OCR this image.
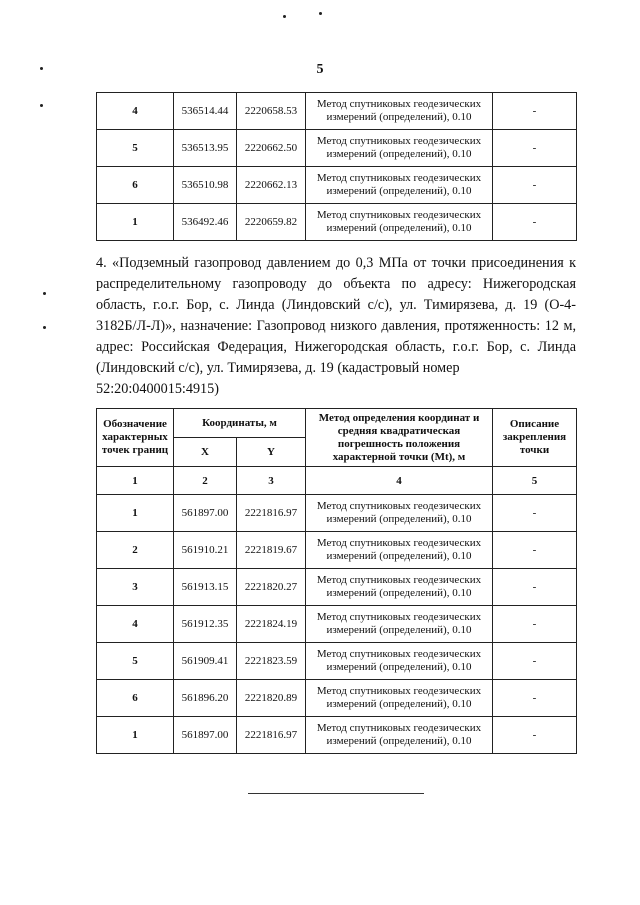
5
4	536514.44	2220658.53	Метод спутниковых геодезических измерений (определений), 0.10	-
5	536513.95	2220662.50	Метод спутниковых геодезических измерений (определений), 0.10	-
6	536510.98	2220662.13	Метод спутниковых геодезических измерений (определений), 0.10	-
1	536492.46	2220659.82	Метод спутниковых геодезических измерений (определений), 0.10	-
4. «Подземный газопровод давлением до 0,3 МПа от точки присоединения к распределительному газопроводу до объекта по адресу: Нижегородская область, г.о.г. Бор, с. Линда (Линдовский с/с), ул. Тимирязева, д. 19 (О-4-3182Б/Л-Л)», назначение: Газопровод низкого давления, протяженность: 12 м, адрес: Российская Федерация, Нижегородская область, г.о.г. Бор, с. Линда (Линдовский с/с), ул. Тимирязева, д. 19 (кадастровый номер
52:20:0400015:4915)
Обозначение характерных точек границ	Координаты, м		Метод определения координат и средняя квадратическая погрешность положения характерной точки (Mt), м	Описание закрепления точки
	X	Y		
1	2	3	4	5
1	561897.00	2221816.97	Метод спутниковых геодезических измерений (определений), 0.10	-
2	561910.21	2221819.67	Метод спутниковых геодезических измерений (определений), 0.10	-
3	561913.15	2221820.27	Метод спутниковых геодезических измерений (определений), 0.10	-
4	561912.35	2221824.19	Метод спутниковых геодезических измерений (определений), 0.10	-
5	561909.41	2221823.59	Метод спутниковых геодезических измерений (определений), 0.10	-
6	561896.20	2221820.89	Метод спутниковых геодезических измерений (определений), 0.10	-
1	561897.00	2221816.97	Метод спутниковых геодезических измерений (определений), 0.10	-
